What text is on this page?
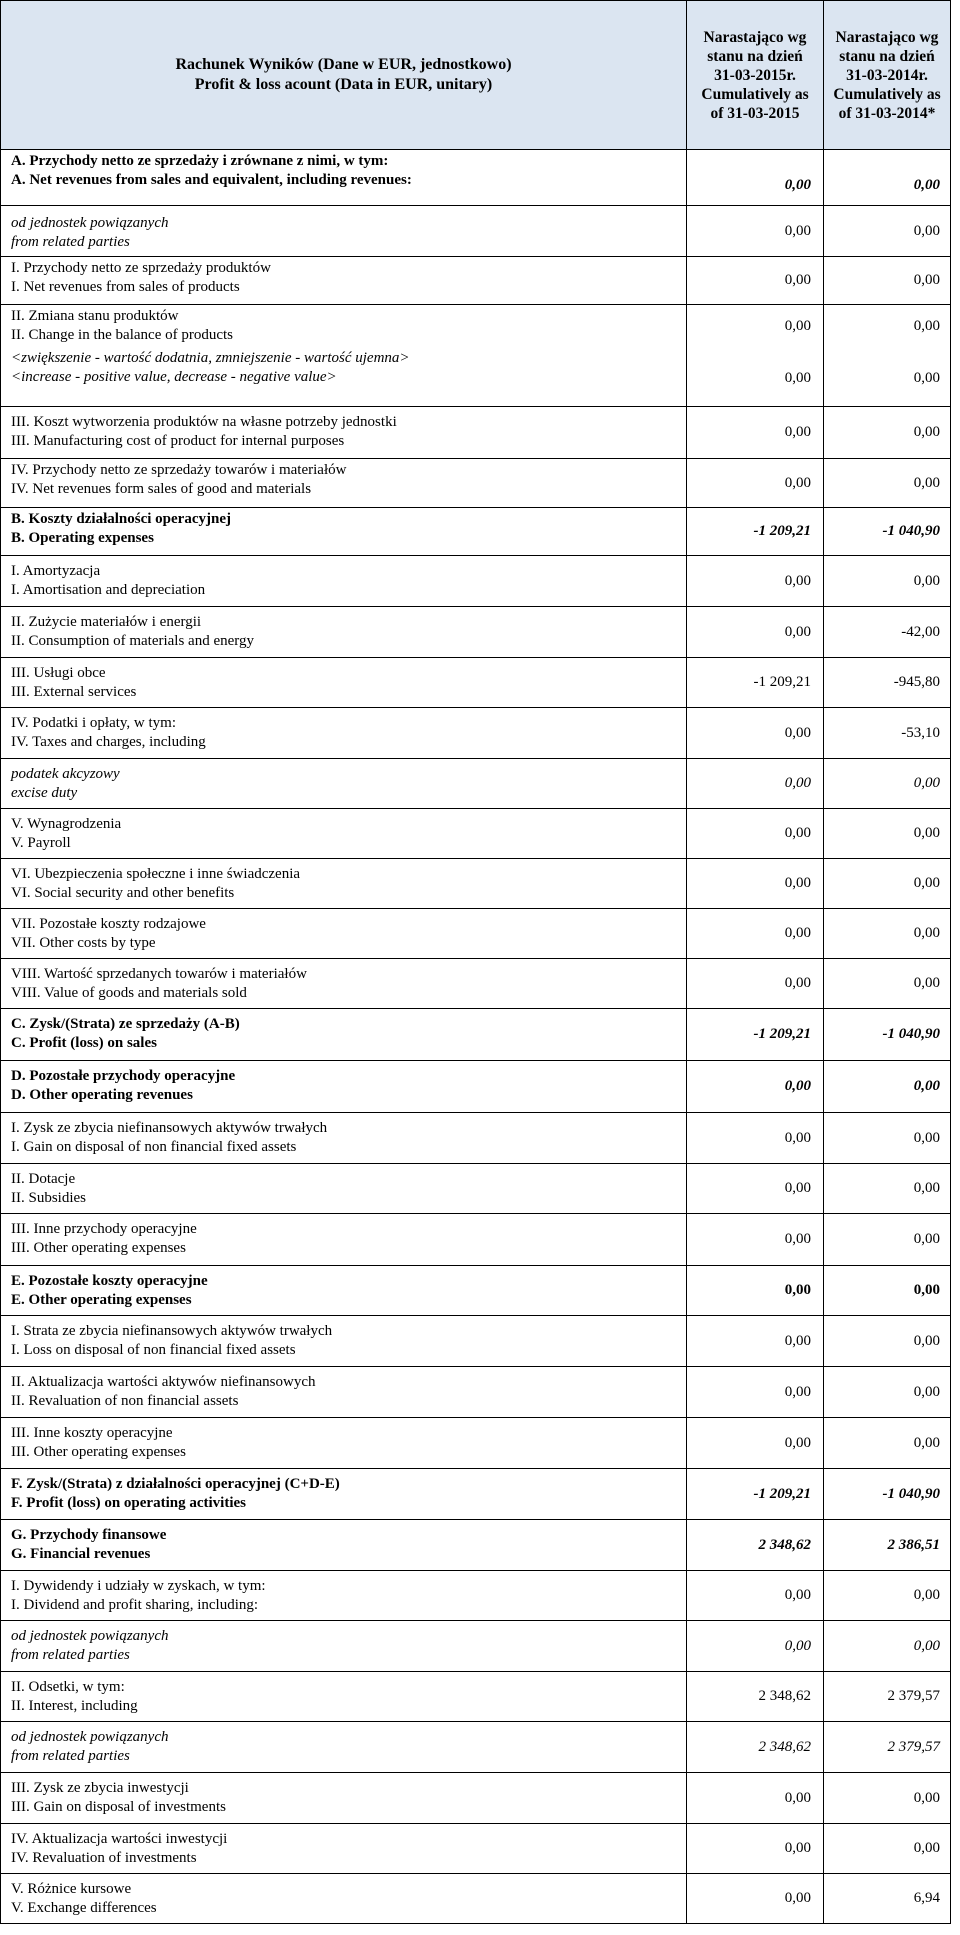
Rachunek Wyników (Dane w EUR, jednostkowo)
Profit & loss acount (Data in EUR, unitary)	Narastająco wg
stanu na dzień
31-03-2015r.
Cumulatively as
of 31-03-2015	Narastająco wg
stanu na dzień
31-03-2014r.
Cumulatively as
of 31-03-2014*

A. Przychody netto ze sprzedaży i zrównane z nimi, w tym:
A. Net revenues from sales and equivalent, including revenues:	0,00	0,00

od jednostek powiązanych
from related parties	0,00	0,00

I. Przychody netto ze sprzedaży produktów
I. Net revenues from sales of products	0,00	0,00

II. Zmiana stanu produktów
II. Change in the balance of products	0,00	0,00

<zwiększenie - wartość dodatnia, zmniejszenie - wartość ujemna>
<increase - positive value, decrease - negative value>	0,00	0,00

III. Koszt wytworzenia produktów na własne potrzeby jednostki
III. Manufacturing cost of product for internal purposes	0,00	0,00

IV. Przychody netto ze sprzedaży towarów i materiałów
IV. Net revenues form sales of good and materials	0,00	0,00

B. Koszty działalności operacyjnej
B. Operating expenses	-1 209,21	-1 040,90

I. Amortyzacja
I. Amortisation and depreciation	0,00	0,00

II. Zużycie materiałów i energii
II. Consumption of materials and energy	0,00	-42,00

III. Usługi obce
III. External services	-1 209,21	-945,80

IV. Podatki i opłaty, w tym:
IV. Taxes and charges, including	0,00	-53,10

podatek akcyzowy
excise duty	0,00	0,00

V. Wynagrodzenia
V. Payroll	0,00	0,00

VI. Ubezpieczenia społeczne i inne świadczenia
VI. Social security and other benefits	0,00	0,00

VII. Pozostałe koszty rodzajowe
VII. Other costs by type	0,00	0,00

VIII. Wartość sprzedanych towarów i materiałów
VIII. Value of goods and materials sold	0,00	0,00

C. Zysk/(Strata) ze sprzedaży (A-B)
C. Profit (loss) on sales	-1 209,21	-1 040,90

D. Pozostałe przychody operacyjne
D. Other operating revenues	0,00	0,00

I. Zysk ze zbycia niefinansowych aktywów trwałych
I. Gain on disposal of non financial fixed assets	0,00	0,00

II. Dotacje
II. Subsidies	0,00	0,00

III. Inne przychody operacyjne
III. Other operating expenses	0,00	0,00

E. Pozostałe koszty operacyjne
E. Other operating expenses	0,00	0,00

I. Strata ze zbycia niefinansowych aktywów trwałych
I. Loss on disposal of non financial fixed assets	0,00	0,00

II. Aktualizacja wartości aktywów niefinansowych
II. Revaluation of non financial assets	0,00	0,00

III. Inne koszty operacyjne
III. Other operating expenses	0,00	0,00

F. Zysk/(Strata) z działalności operacyjnej (C+D-E)
F. Profit (loss) on operating activities	-1 209,21	-1 040,90

G. Przychody finansowe
G. Financial revenues	2 348,62	2 386,51

I. Dywidendy i udziały w zyskach, w tym:
I. Dividend and profit sharing, including:	0,00	0,00

od jednostek powiązanych
from related parties	0,00	0,00

II. Odsetki, w tym:
II. Interest, including	2 348,62	2 379,57

od jednostek powiązanych
from related parties	2 348,62	2 379,57

III. Zysk ze zbycia inwestycji
III. Gain on disposal of investments	0,00	0,00

IV. Aktualizacja wartości inwestycji
IV. Revaluation of investments	0,00	0,00

V. Różnice kursowe
V. Exchange differences	0,00	6,94
